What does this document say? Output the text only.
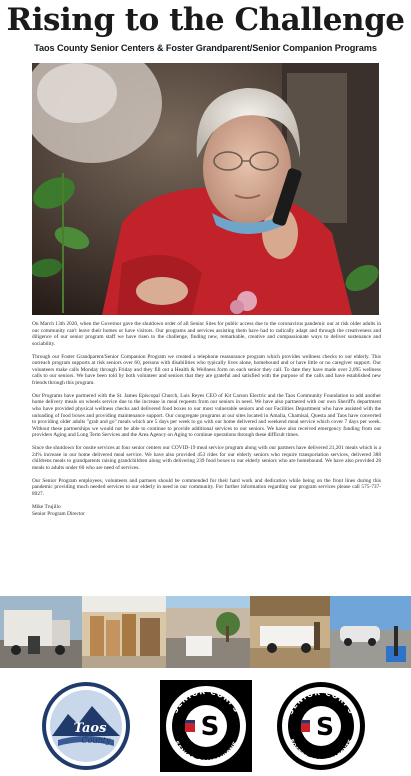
Rising to the Challenge
Taos County Senior Centers & Foster Grandparent/Senior Companion Programs

On March 13th 2020, when the Governor gave the shutdown order of all Senior Sites for public access due to the coronavirus pandemic our at risk older adults in our community can't leave their homes or have visitors. Our programs and services assisting them have had to radically adapt and through the creativeness and diligence of our senior program staff we have risen to the challenge, finding new, remarkable, creative and compassionate ways to deliver sustenance and sociability.

Through our Foster Grandparent/Senior Companion Program we created a telephone reassurance program which provides wellness checks to our elderly. This outreach program supports at risk seniors over 60, persons with disabilities who typically lives alone, homebound and or have little or no caregiver support. Our volunteers make calls Monday through Friday and they fill out a Health & Wellness form on each senior they call. To date they have made over 2,095 wellness calls to our seniors. We have been told by both volunteer and seniors that they are grateful and satisfied with the purpose of the calls and have established new friends through this program.

Our Programs have partnered with the St. James Episcopal Church, Luis Reyes CEO of Kit Carson Electric and the Taos Community Foundation to add another home delivery meals on wheels service due to the increase in meal requests from our seniors in need. We have also partnered with our own Sheriff's department who have provided physical wellness checks and delivered food boxes to our most vulnerable seniors and our Facilities Department who have assisted with the unloading of food boxes and providing maintenance support. Our congregate programs at our sites located in Amalia, Chamisal, Questa and Taos have converted to providing older adults "grab and go" meals which are 5 days per week to go with our home delivered and weekend meal service which cover 7 days per week. Without these partnerships we would not be able to continue to provide additional services to our seniors. We have also received emergency funding from our providers Aging and Long Term Services and the Area Agency on Aging to continue operations through these difficult times.

Since the shutdown for onsite services at four senior centers our COVID-19 meal service program along with our partners have delivered 21,201 meals which is a 24% increase in our home delivered meal service. We have also provided 453 rides for our elderly seniors who require transportation services, delivered 388 childrens meals to grandparents raising grandchildren along with delivering 239 food boxes to our elderly seniors who are homebound. We have also provided 28 meals to adults under 60 who are need of services.

Our Senior Program employees, volunteers and partners should be commended for their hard work and dedication while being on the front lines during this pandemic providing much needed services to our elderly in need in our community. For further information regarding our program services please call 575-737-8927.

Mike Trujillo
Senior Program Director
Taos
County	S
SENIOR CORPS
SENIOR COMPANIONS
S
SENIOR CORPS
FOSTER GRANDPARENTS
